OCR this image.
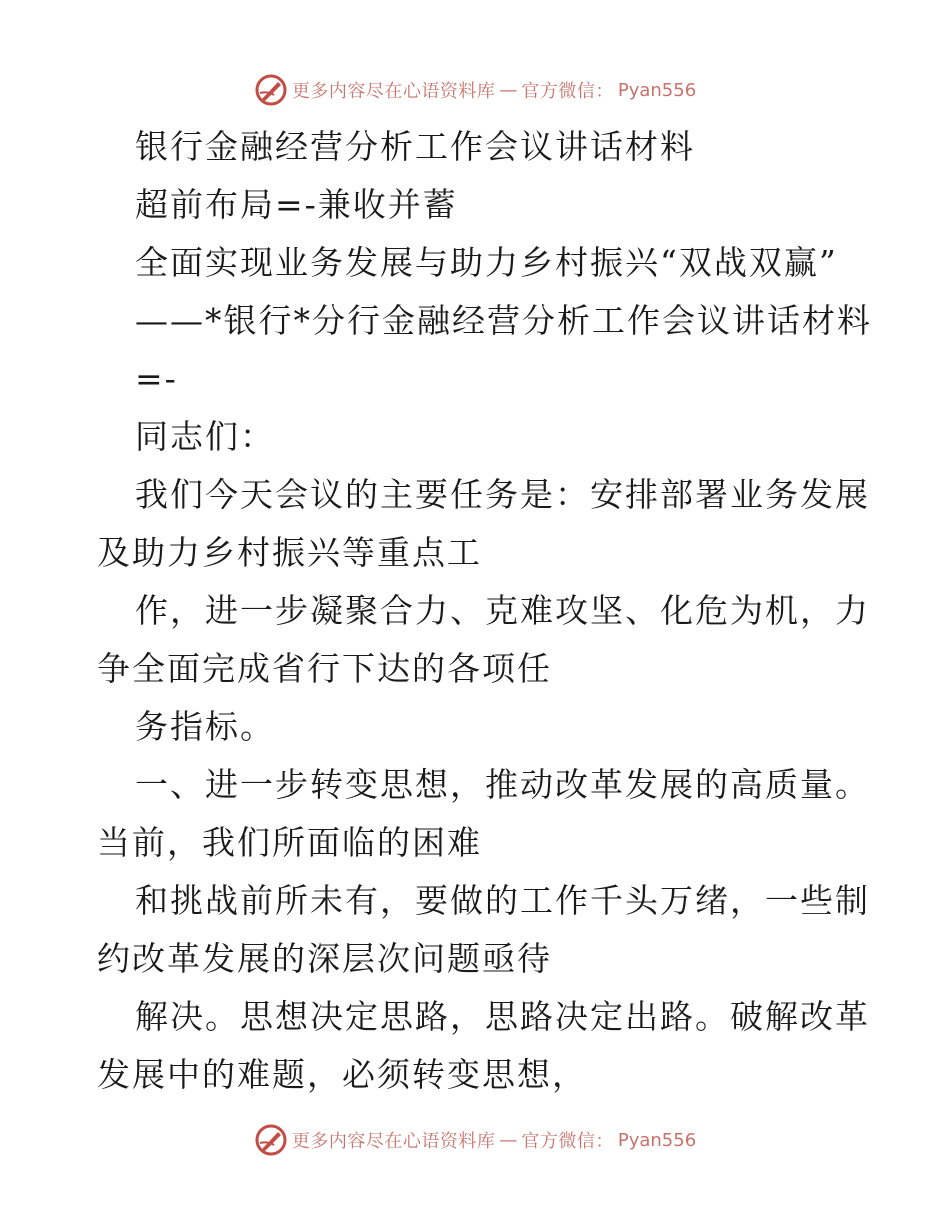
更多内容尽在心语资料库 — 官方微信： Pyan556
银行金融经营分析工作会议讲话材料
超前布局=-兼收并蓄
全面实现业务发展与助力乡村振兴“双战双赢”
——*银行*分行金融经营分析工作会议讲话材料
=-
同志们：
我们今天会议的主要任务是：安排部署业务发展
及助力乡村振兴等重点工
作，进一步凝聚合力、克难攻坚、化危为机，力
争全面完成省行下达的各项任
务指标。
一、进一步转变思想，推动改革发展的高质量。
当前，我们所面临的困难
和挑战前所未有，要做的工作千头万绪，一些制
约改革发展的深层次问题亟待
解决。思想决定思路，思路决定出路。破解改革
发展中的难题，必须转变思想，
更多内容尽在心语资料库 — 官方微信： Pyan556
